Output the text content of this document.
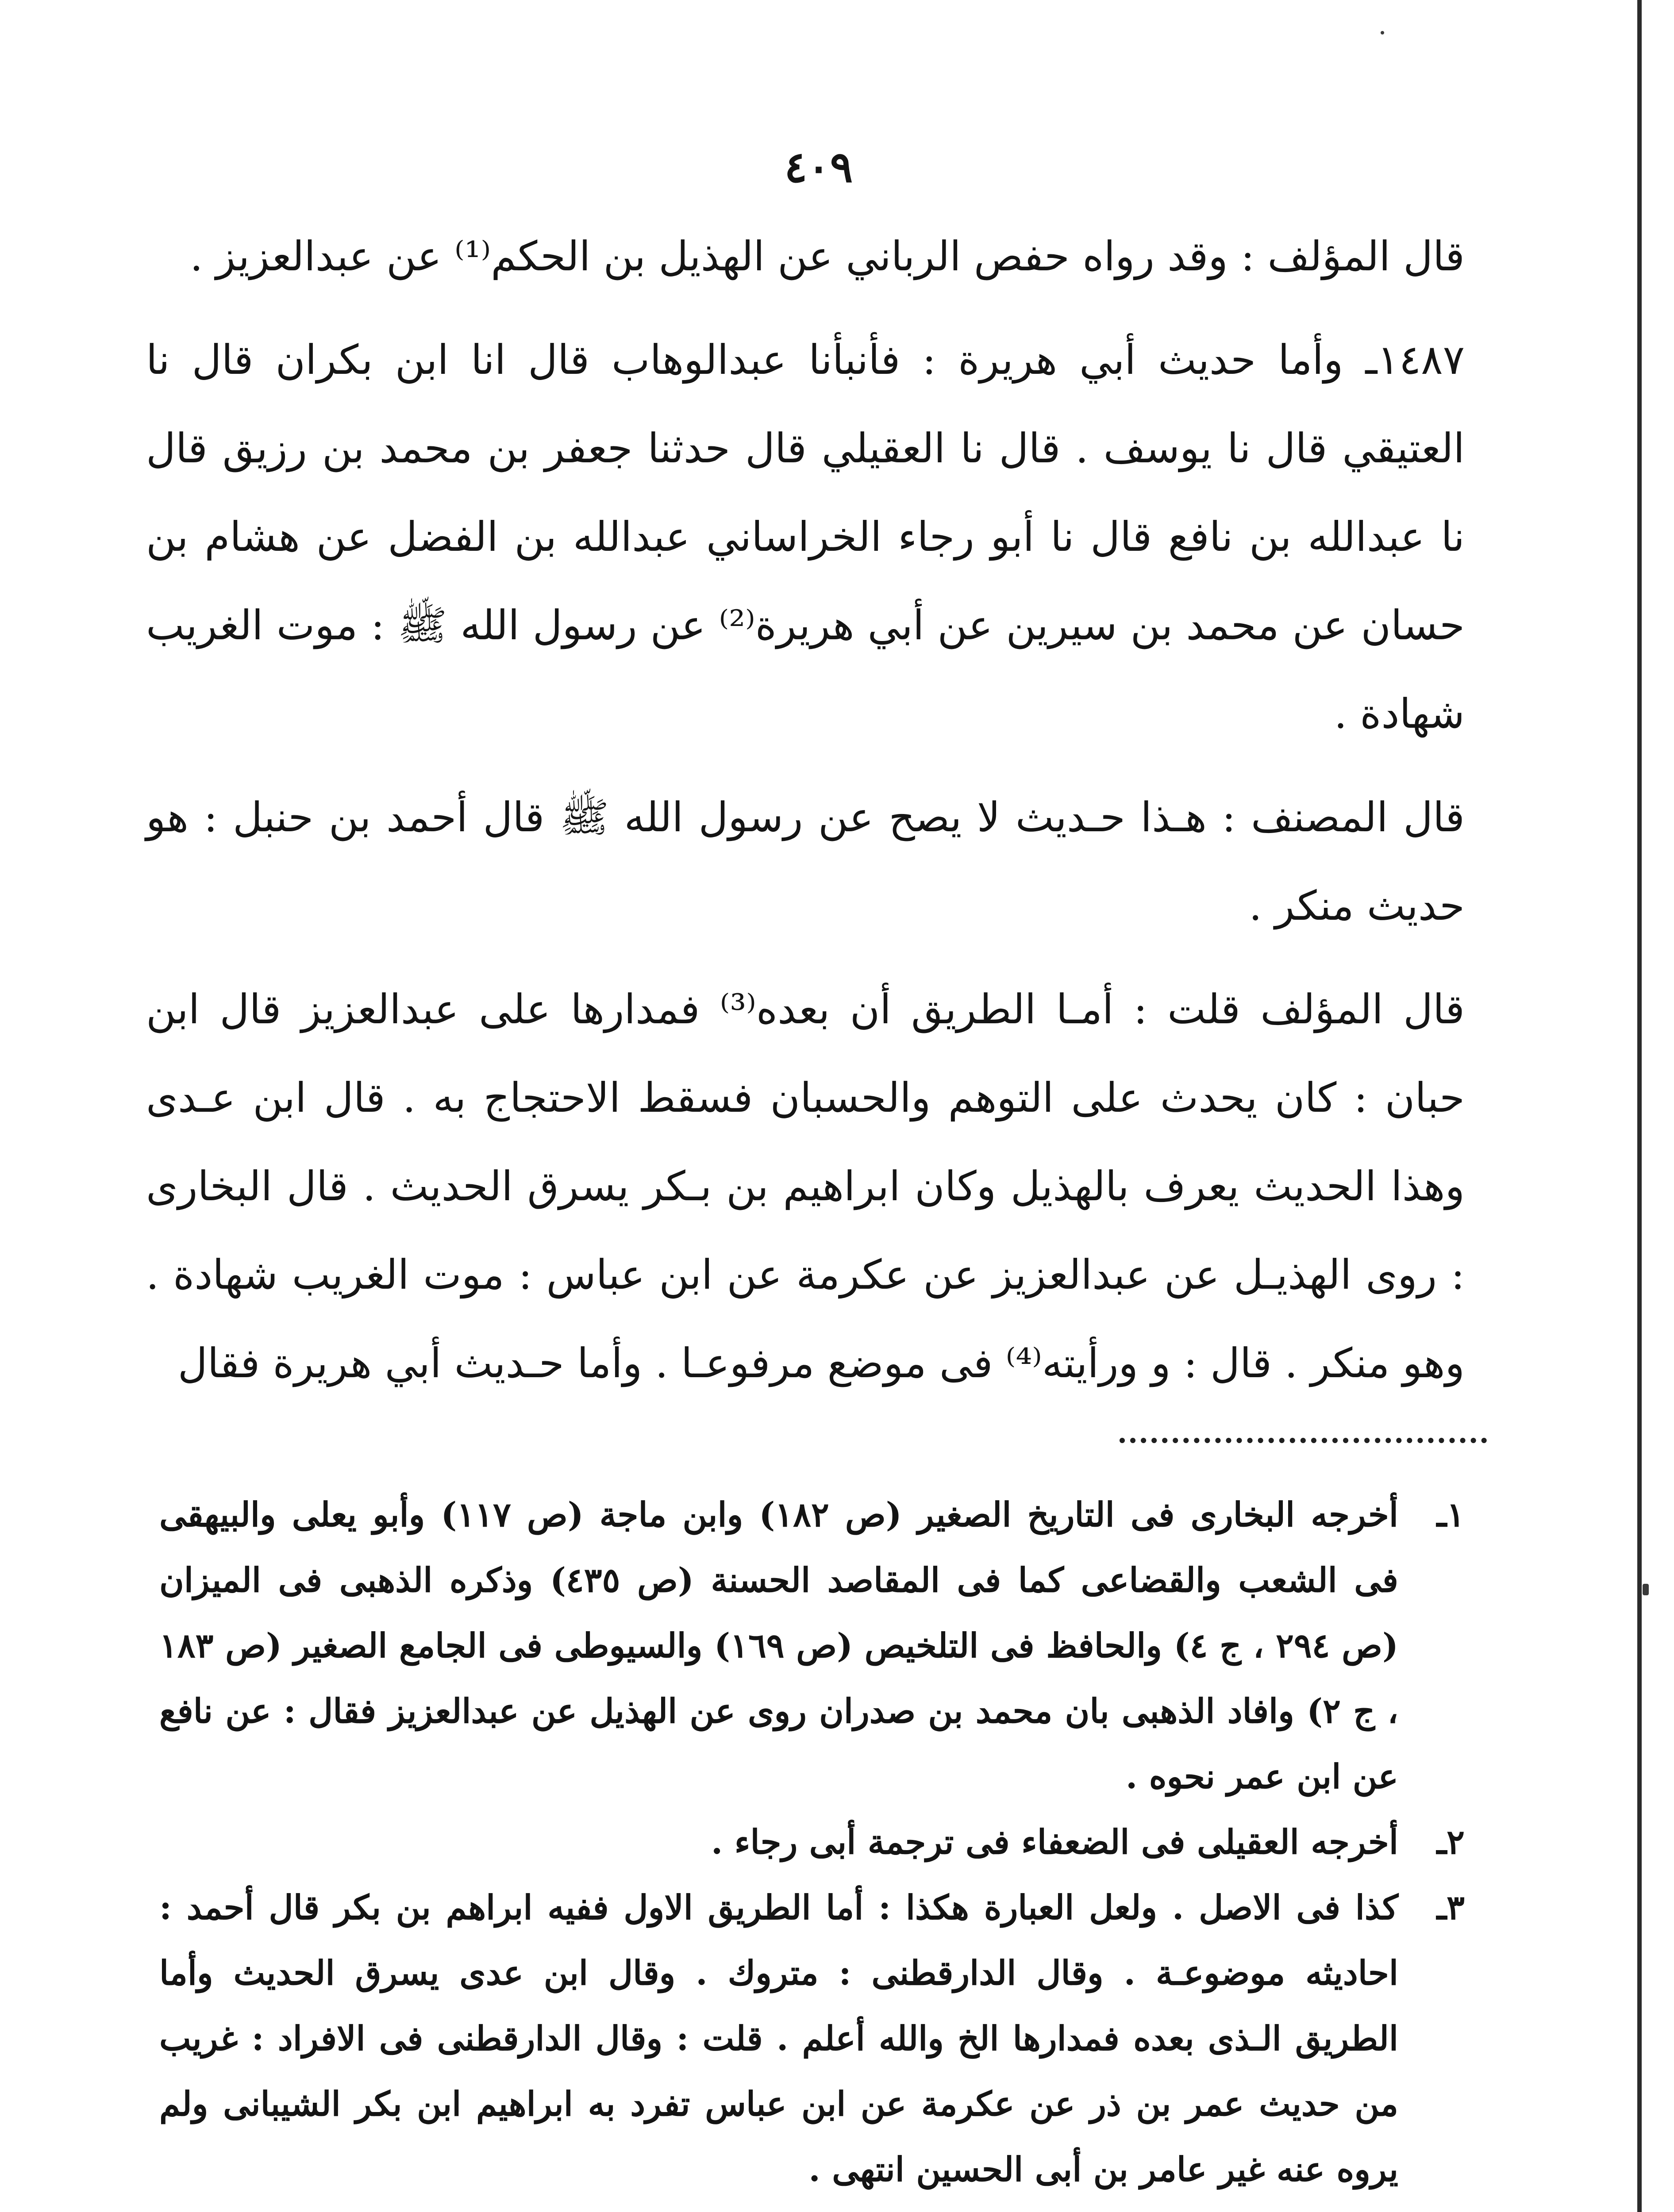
٤٠٩

قال المؤلف : وقد رواه حفص الرباني عن الهذيل بن الحكم⁽¹⁾ عن عبدالعزيز .

١٤٨٧ـ وأما حديث أبي هريرة : فأنبأنا عبدالوهاب قال انا ابن بكران قال نا العتيقي قال نا يوسف . قال نا العقيلي قال حدثنا جعفر بن محمد بن رزيق قال نا عبدالله بن نافع قال نا أبو رجاء الخراساني عبدالله بن الفضل عن هشام بن حسان عن محمد بن سيرين عن أبي هريرة⁽²⁾ عن رسول الله ﷺ : موت الغريب شهادة .

قال المصنف : هـذا حـديث لا يصح عن رسول الله ﷺ قال أحمد بن حنبل : هو حديث منكر .

قال المؤلف قلت : أمـا الطريق أن بعده⁽³⁾ فمدارها على عبدالعزيز قال ابن حبان : كان يحدث على التوهم والحسبان فسقط الاحتجاج به . قال ابن عـدى وهذا الحديث يعرف بالهذيل وكان ابراهيم بن بـكر يسرق الحديث . قال البخارى : روى الهذيـل عن عبدالعزيز عن عكرمة عن ابن عباس : موت الغريب شهادة . وهو منكر . قال : و ورأيته⁽⁴⁾ فى موضع مرفوعـا . وأما حـديث أبي هريرة فقال

١ـ
أخرجه البخارى فى التاريخ الصغير (ص ١٨٢) وابن ماجة (ص ١١٧) وأبو يعلى والبيهقى فى الشعب والقضاعى كما فى المقاصد الحسنة (ص ٤٣٥) وذكره الذهبى فى الميزان (ص ٢٩٤ ، ج ٤) والحافظ فى التلخيص (ص ١٦٩) والسيوطى فى الجامع الصغير (ص ١٨٣ ، ج ٢) وافاد الذهبى بان محمد بن صدران روى عن الهذيل عن عبدالعزيز فقال : عن نافع عن ابن عمر نحوه .
٢ـ
أخرجه العقيلى فى الضعفاء فى ترجمة أبى رجاء .
٣ـ
كذا فى الاصل . ولعل العبارة هكذا : أما الطريق الاول ففيه ابراهم بن بكر قال أحمد : احاديثه موضوعـة . وقال الدارقطنى : متروك . وقال ابن عدى يسرق الحديث وأما الطريق الـذى بعده فمدارها الخ والله أعلم . قلت : وقال الدارقطنى فى الافراد : غريب من حديث عمر بن ذر عن عكرمة عن ابن عباس تفرد به ابراهيم ابن بكر الشيبانى ولم يروه عنه غير عامر بن أبى الحسين انتهى .
